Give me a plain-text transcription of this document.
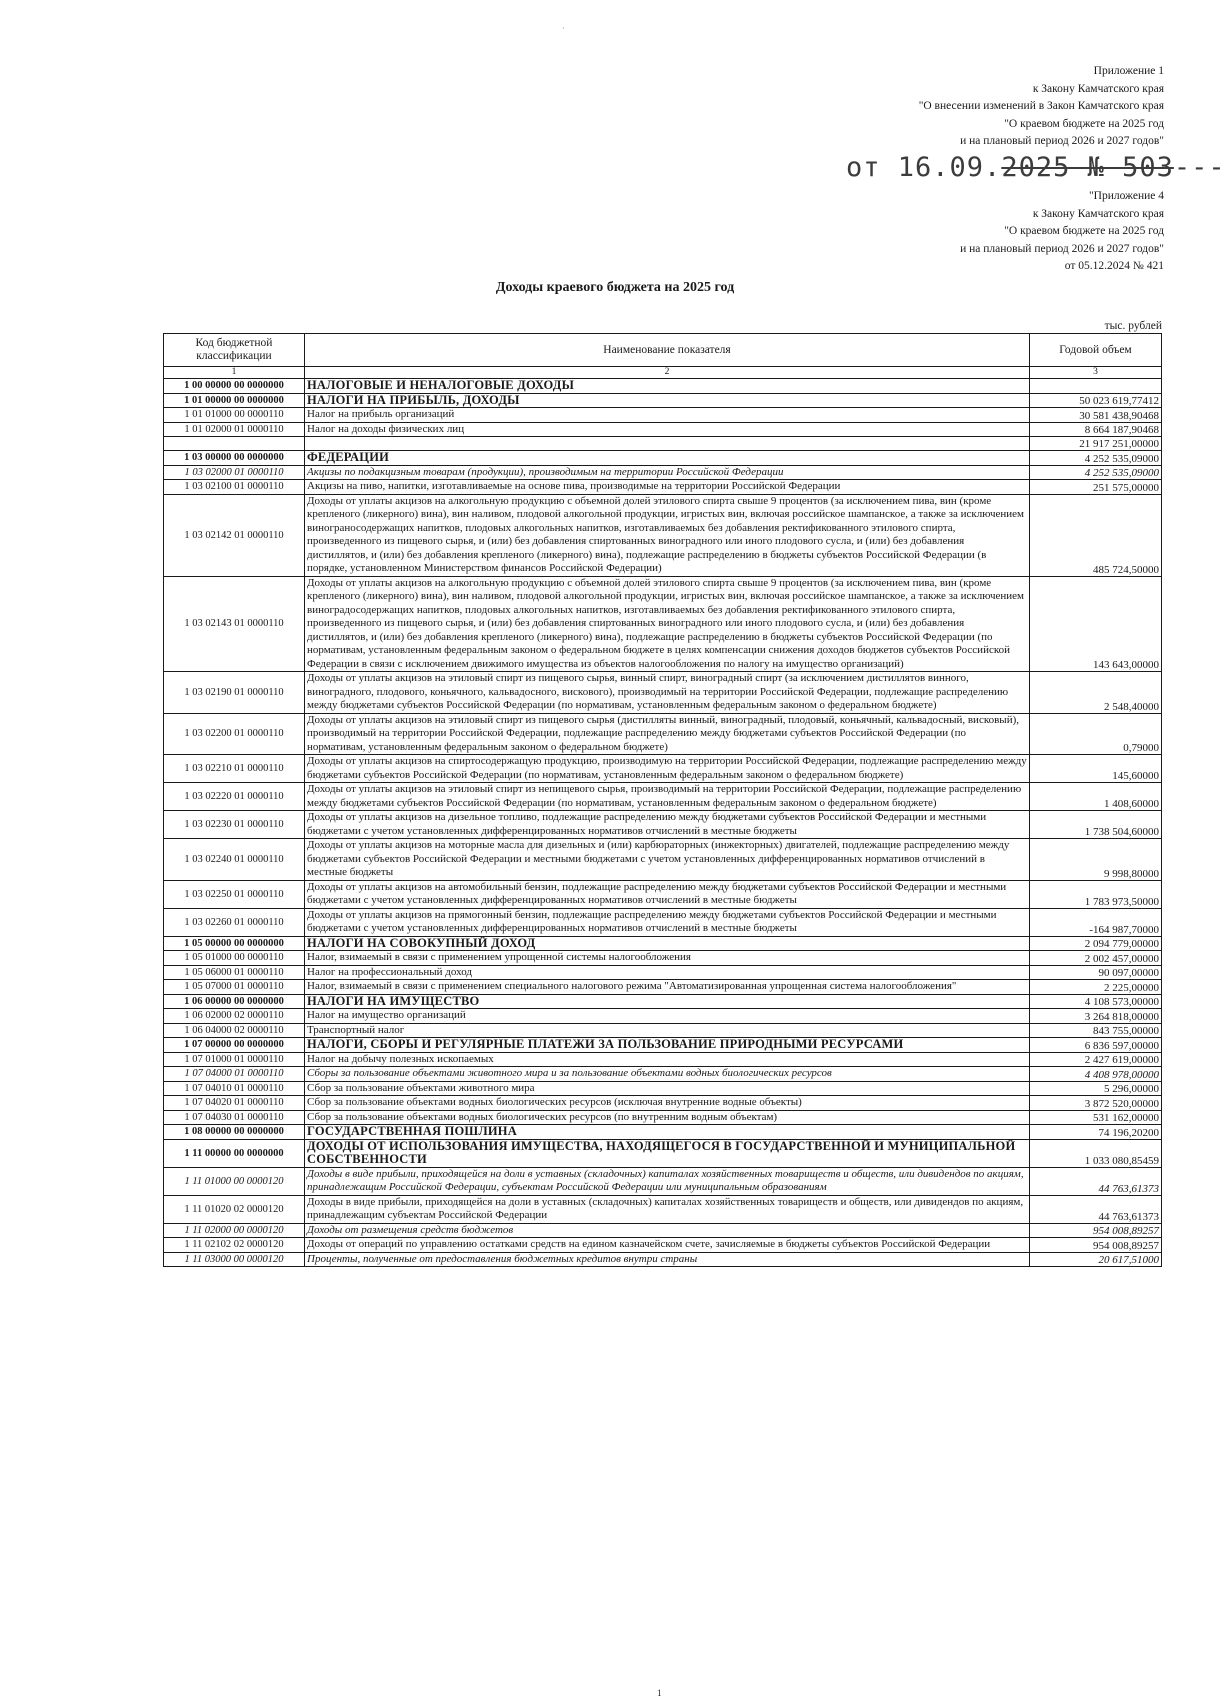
·
Приложение 1
к Закону Камчатского края
"О внесении изменений в Закон Камчатского края
"О краевом бюджете на 2025 год
и на плановый период 2026 и 2027 годов"
от 16.09.2025 № 503---
"Приложение 4
к Закону Камчатского края
"О краевом бюджете на 2025 год
и на плановый период 2026 и 2027 годов"
от 05.12.2024 № 421
Доходы краевого бюджета на 2025 год
тыс. рублей
Код бюджетной классификации	Наименование показателя	Годовой объем
1	2	3
1 00 00000 00 0000000	НАЛОГОВЫЕ И НЕНАЛОГОВЫЕ ДОХОДЫ	
1 01 00000 00 0000000	НАЛОГИ НА ПРИБЫЛЬ, ДОХОДЫ	50 023 619,77412
1 01 01000 00 0000110	Налог на прибыль организаций	30 581 438,90468
1 01 02000 01 0000110	Налог на доходы физических лиц	8 664 187,90468
		21 917 251,00000
1 03 00000 00 0000000	ФЕДЕРАЦИИ	4 252 535,09000
1 03 02000 01 0000110	Акцизы по подакцизным товарам (продукции), производимым на территории Российской Федерации	4 252 535,09000
1 03 02100 01 0000110	Акцизы на пиво, напитки, изготавливаемые на основе пива, производимые на территории Российской Федерации	251 575,00000
1 03 02142 01 0000110	Доходы от уплаты акцизов на алкогольную продукцию с объемной долей этилового спирта свыше 9 процентов (за исключением пива, вин (кроме крепленого (ликерного) вина), вин наливом, плодовой алкогольной продукции, игристых вин, включая российское шампанское, а также за исключением винограносодержащих напитков, плодовых алкогольных напитков, изготавливаемых без добавления ректификованного этилового спирта, произведенного из пищевого сырья, и (или) без добавления спиртованных виноградного или иного плодового сусла, и (или) без добавления дистиллятов, и (или) без добавления крепленого (ликерного) вина), подлежащие распределению в бюджеты субъектов Российской Федерации (в порядке, установленном Министерством финансов Российской Федерации)	485 724,50000
1 03 02143 01 0000110	Доходы от уплаты акцизов на алкогольную продукцию с объемной долей этилового спирта свыше 9 процентов (за исключением пива, вин (кроме крепленого (ликерного) вина), вин наливом, плодовой алкогольной продукции, игристых вин, включая российское шампанское, а также за исключением виноградосодержащих напитков, плодовых алкогольных напитков, изготавливаемых без добавления ректификованного этилового спирта, произведенного из пищевого сырья, и (или) без добавления спиртованных виноградного или иного плодового сусла, и (или) без добавления дистиллятов, и (или) без добавления крепленого (ликерного) вина), подлежащие распределению в бюджеты субъектов Российской Федерации (по нормативам, установленным федеральным законом о федеральном бюджете в целях компенсации снижения доходов бюджетов субъектов Российской Федерации в связи с исключением движимого имущества из объектов налогообложения по налогу на имущество организаций)	143 643,00000
1 03 02190 01 0000110	Доходы от уплаты акцизов на этиловый спирт из пищевого сырья, винный спирт, виноградный спирт (за исключением дистиллятов винного, виноградного, плодового, коньячного, кальвадосного, вискового), производимый на территории Российской Федерации, подлежащие распределению между бюджетами субъектов Российской Федерации (по нормативам, установленным федеральным законом о федеральном бюджете)	2 548,40000
1 03 02200 01 0000110	Доходы от уплаты акцизов на этиловый спирт из пищевого сырья (дистилляты винный, виноградный, плодовый, коньячный, кальвадосный, висковый), производимый на территории Российской Федерации, подлежащие распределению между бюджетами субъектов Российской Федерации (по нормативам, установленным федеральным законом о федеральном бюджете)	0,79000
1 03 02210 01 0000110	Доходы от уплаты акцизов на спиртосодержащую продукцию, производимую на территории Российской Федерации, подлежащие распределению между бюджетами субъектов Российской Федерации (по нормативам, установленным федеральным законом о федеральном бюджете)	145,60000
1 03 02220 01 0000110	Доходы от уплаты акцизов на этиловый спирт из непищевого сырья, производимый на территории Российской Федерации, подлежащие распределению между бюджетами субъектов Российской Федерации (по нормативам, установленным федеральным законом о федеральном бюджете)	1 408,60000
1 03 02230 01 0000110	Доходы от уплаты акцизов на дизельное топливо, подлежащие распределению между бюджетами субъектов Российской Федерации и местными бюджетами с учетом установленных дифференцированных нормативов отчислений в местные бюджеты	1 738 504,60000
1 03 02240 01 0000110	Доходы от уплаты акцизов на моторные масла для дизельных и (или) карбюраторных (инжекторных) двигателей, подлежащие распределению между бюджетами субъектов Российской Федерации и местными бюджетами с учетом установленных дифференцированных нормативов отчислений в местные бюджеты	9 998,80000
1 03 02250 01 0000110	Доходы от уплаты акцизов на автомобильный бензин, подлежащие распределению между бюджетами субъектов Российской Федерации и местными бюджетами с учетом установленных дифференцированных нормативов отчислений в местные бюджеты	1 783 973,50000
1 03 02260 01 0000110	Доходы от уплаты акцизов на прямогонный бензин, подлежащие распределению между бюджетами субъектов Российской Федерации и местными бюджетами с учетом установленных дифференцированных нормативов отчислений в местные бюджеты	-164 987,70000
1 05 00000 00 0000000	НАЛОГИ НА СОВОКУПНЫЙ ДОХОД	2 094 779,00000
1 05 01000 00 0000110	Налог, взимаемый в связи с применением упрощенной системы налогообложения	2 002 457,00000
1 05 06000 01 0000110	Налог на профессиональный доход	90 097,00000
1 05 07000 01 0000110	Налог, взимаемый в связи с применением специального налогового режима "Автоматизированная упрощенная система налогообложения"	2 225,00000
1 06 00000 00 0000000	НАЛОГИ НА ИМУЩЕСТВО	4 108 573,00000
1 06 02000 02 0000110	Налог на имущество организаций	3 264 818,00000
1 06 04000 02 0000110	Транспортный налог	843 755,00000
1 07 00000 00 0000000	НАЛОГИ, СБОРЫ И РЕГУЛЯРНЫЕ ПЛАТЕЖИ ЗА ПОЛЬЗОВАНИЕ ПРИРОДНЫМИ РЕСУРСАМИ	6 836 597,00000
1 07 01000 01 0000110	Налог на добычу полезных ископаемых	2 427 619,00000
1 07 04000 01 0000110	Сборы за пользование объектами животного мира и за пользование объектами водных биологических ресурсов	4 408 978,00000
1 07 04010 01 0000110	Сбор за пользование объектами животного мира	5 296,00000
1 07 04020 01 0000110	Сбор за пользование объектами водных биологических ресурсов (исключая внутренние водные объекты)	3 872 520,00000
1 07 04030 01 0000110	Сбор за пользование объектами водных биологических ресурсов (по внутренним водным объектам)	531 162,00000
1 08 00000 00 0000000	ГОСУДАРСТВЕННАЯ ПОШЛИНА	74 196,20200
1 11 00000 00 0000000	ДОХОДЫ ОТ ИСПОЛЬЗОВАНИЯ ИМУЩЕСТВА, НАХОДЯЩЕГОСЯ В ГОСУДАРСТВЕННОЙ И МУНИЦИПАЛЬНОЙ СОБСТВЕННОСТИ	1 033 080,85459
1 11 01000 00 0000120	Доходы в виде прибыли, приходящейся на доли в уставных (складочных) капиталах хозяйственных товариществ и обществ, или дивидендов по акциям, принадлежащим Российской Федерации, субъектам Российской Федерации или муниципальным образованиям	44 763,61373
1 11 01020 02 0000120	Доходы в виде прибыли, приходящейся на доли в уставных (складочных) капиталах хозяйственных товариществ и обществ, или дивидендов по акциям, принадлежащим субъектам Российской Федерации	44 763,61373
1 11 02000 00 0000120	Доходы от размещения средств бюджетов	954 008,89257
1 11 02102 02 0000120	Доходы от операций по управлению остатками средств на едином казначейском счете, зачисляемые в бюджеты субъектов Российской Федерации	954 008,89257
1 11 03000 00 0000120	Проценты, полученные от предоставления бюджетных кредитов внутри страны	20 617,51000
1
